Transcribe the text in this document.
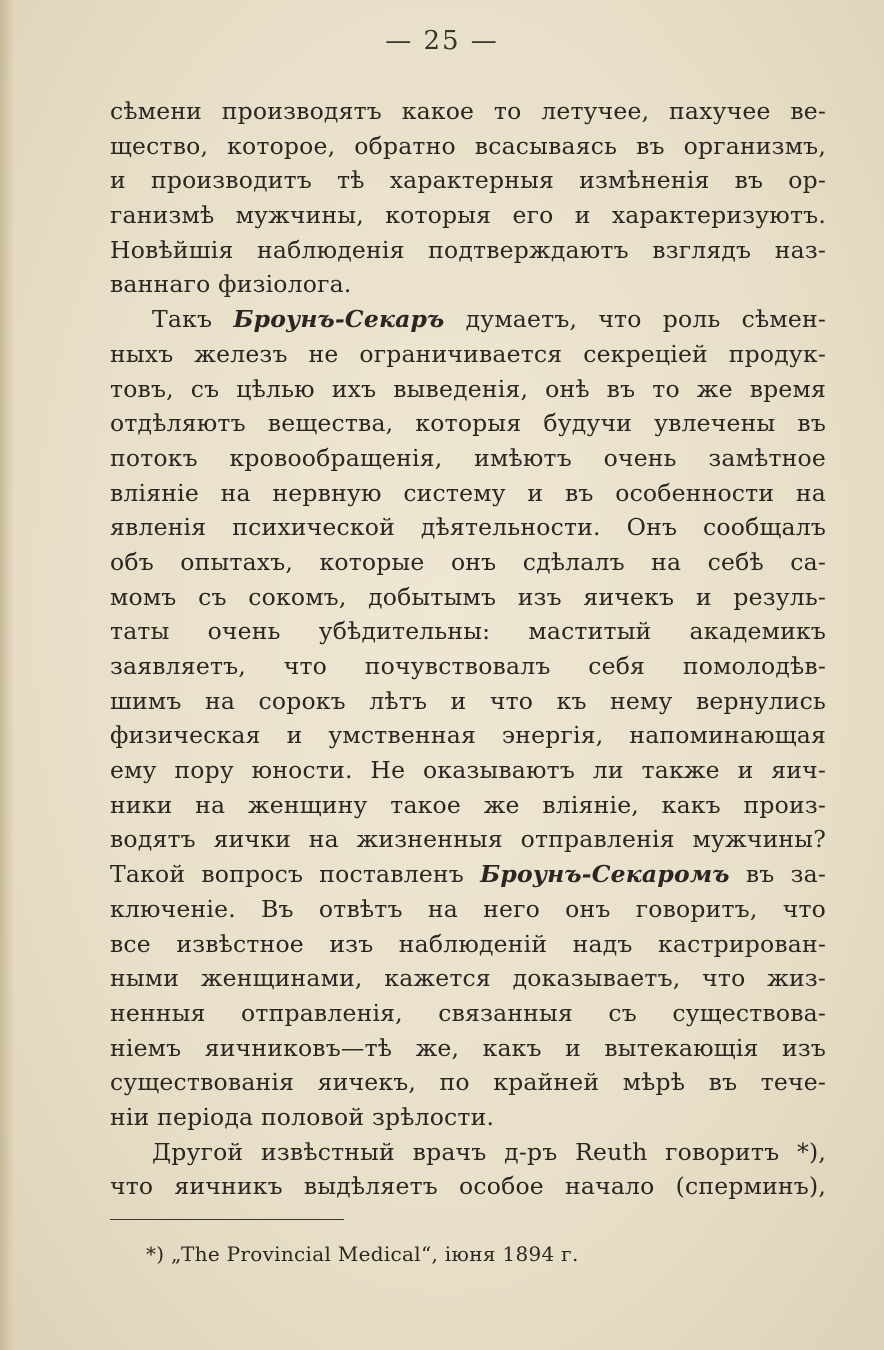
— 25 —
сѣмени производятъ какое то летучее, пахучее ве-
щество, которое, обратно всасываясь въ организмъ,
и производитъ тѣ характерныя измѣненія въ ор-
ганизмѣ мужчины, которыя его и характеризуютъ.
Новѣйшія наблюденія подтверждаютъ взглядъ наз-
ваннаго физіолога.
Такъ Броунъ-Секаръ думаетъ, что роль сѣмен-
ныхъ железъ не ограничивается секреціей продук-
товъ, съ цѣлью ихъ выведенія, онѣ въ то же время
отдѣляютъ вещества, которыя будучи увлечены въ
потокъ кровообращенія, имѣютъ очень замѣтное
вліяніе на нервную систему и въ особенности на
явленія психической дѣятельности. Онъ сообщалъ
объ опытахъ, которые онъ сдѣлалъ на себѣ са-
момъ съ сокомъ, добытымъ изъ яичекъ и резуль-
таты очень убѣдительны: маститый академикъ
заявляетъ, что почувствовалъ себя помолодѣв-
шимъ на сорокъ лѣтъ и что къ нему вернулись
физическая и умственная энергія, напоминающая
ему пору юности. Не оказываютъ ли также и яич-
ники на женщину такое же вліяніе, какъ произ-
водятъ яички на жизненныя отправленія мужчины?
Такой вопросъ поставленъ Броунъ-Секаромъ въ за-
ключеніе. Въ отвѣтъ на него онъ говоритъ, что
все извѣстное изъ наблюденій надъ кастрирован-
ными женщинами, кажется доказываетъ, что жиз-
ненныя отправленія, связанныя съ существова-
ніемъ яичниковъ—тѣ же, какъ и вытекающія изъ
существованія яичекъ, по крайней мѣрѣ въ тече-
ніи періода половой зрѣлости.
Другой извѣстный врачъ д-ръ Reuth говоритъ *),
что яичникъ выдѣляетъ особое начало (сперминъ),
*) „The Provincial Medical“, іюня 1894 г.
